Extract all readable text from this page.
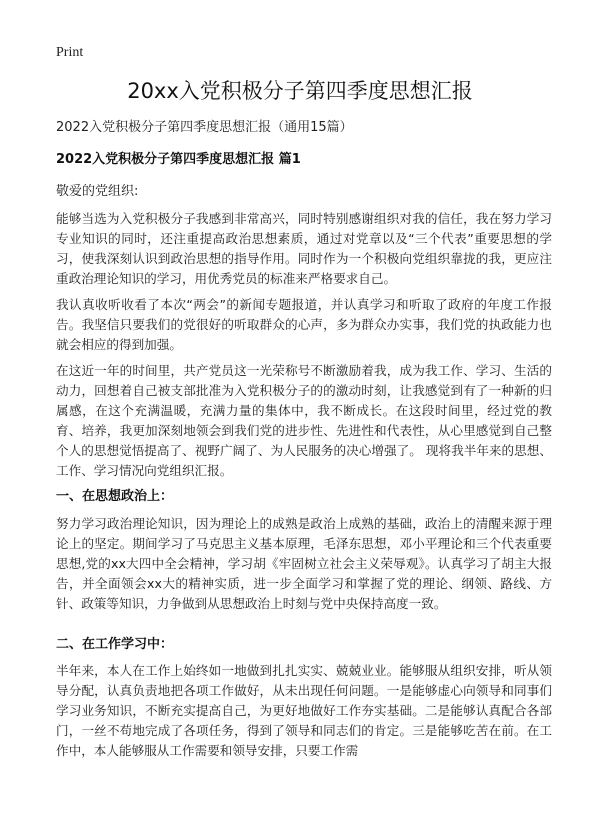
Print
20xx入党积极分子第四季度思想汇报
2022入党积极分子第四季度思想汇报（通用15篇）
2022入党积极分子第四季度思想汇报 篇1
敬爱的党组织:

能够当选为入党积极分子我感到非常高兴，同时特别感谢组织对我的信任，我在努力学习专业知识的同时，还注重提高政治思想素质，通过对党章以及“三个代表”重要思想的学习，使我深刻认识到政治思想的指导作用。同时作为一个积极向党组织靠拢的我，更应注重政治理论知识的学习，用优秀党员的标准来严格要求自己。

我认真收听收看了本次“两会”的新闻专题报道，并认真学习和听取了政府的年度工作报告。我坚信只要我们的党很好的听取群众的心声，多为群众办实事，我们党的执政能力也就会相应的得到加强。

在这近一年的时间里，共产党员这一光荣称号不断激励着我，成为我工作、学习、生活的动力，回想着自己被支部批准为入党积极分子的的激动时刻，让我感觉到有了一种新的归属感，在这个充满温暖，充满力量的集体中，我不断成长。在这段时间里，经过党的教育、培养，我更加深刻地领会到我们党的进步性、先进性和代表性，从心里感觉到自己整个人的思想觉悟提高了、视野广阔了、为人民服务的决心增强了。 现将我半年来的思想、工作、学习情况向党组织汇报。

一、在思想政治上：

努力学习政治理论知识，因为理论上的成熟是政治上成熟的基础，政治上的清醒来源于理论上的坚定。期间学习了马克思主义基本原理，毛泽东思想，邓小平理论和三个代表重要思想,党的xx大四中全会精神，学习胡《牢固树立社会主义荣辱观》。认真学习了胡主大报告，并全面领会xx大的精神实质，进一步全面学习和掌握了党的理论、纲领、路线、方针、政策等知识，力争做到从思想政治上时刻与党中央保持高度一致。

二、在工作学习中：

半年来，本人在工作上始终如一地做到扎扎实实、兢兢业业。能够服从组织安排，听从领导分配，认真负责地把各项工作做好，从未出现任何问题。一是能够虚心向领导和同事们学习业务知识，不断充实提高自己，为更好地做好工作夯实基础。二是能够认真配合各部门，一丝不苟地完成了各项任务，得到了领导和同志们的肯定。三是能够吃苦在前。在工作中，本人能够服从工作需要和领导安排，只要工作需
